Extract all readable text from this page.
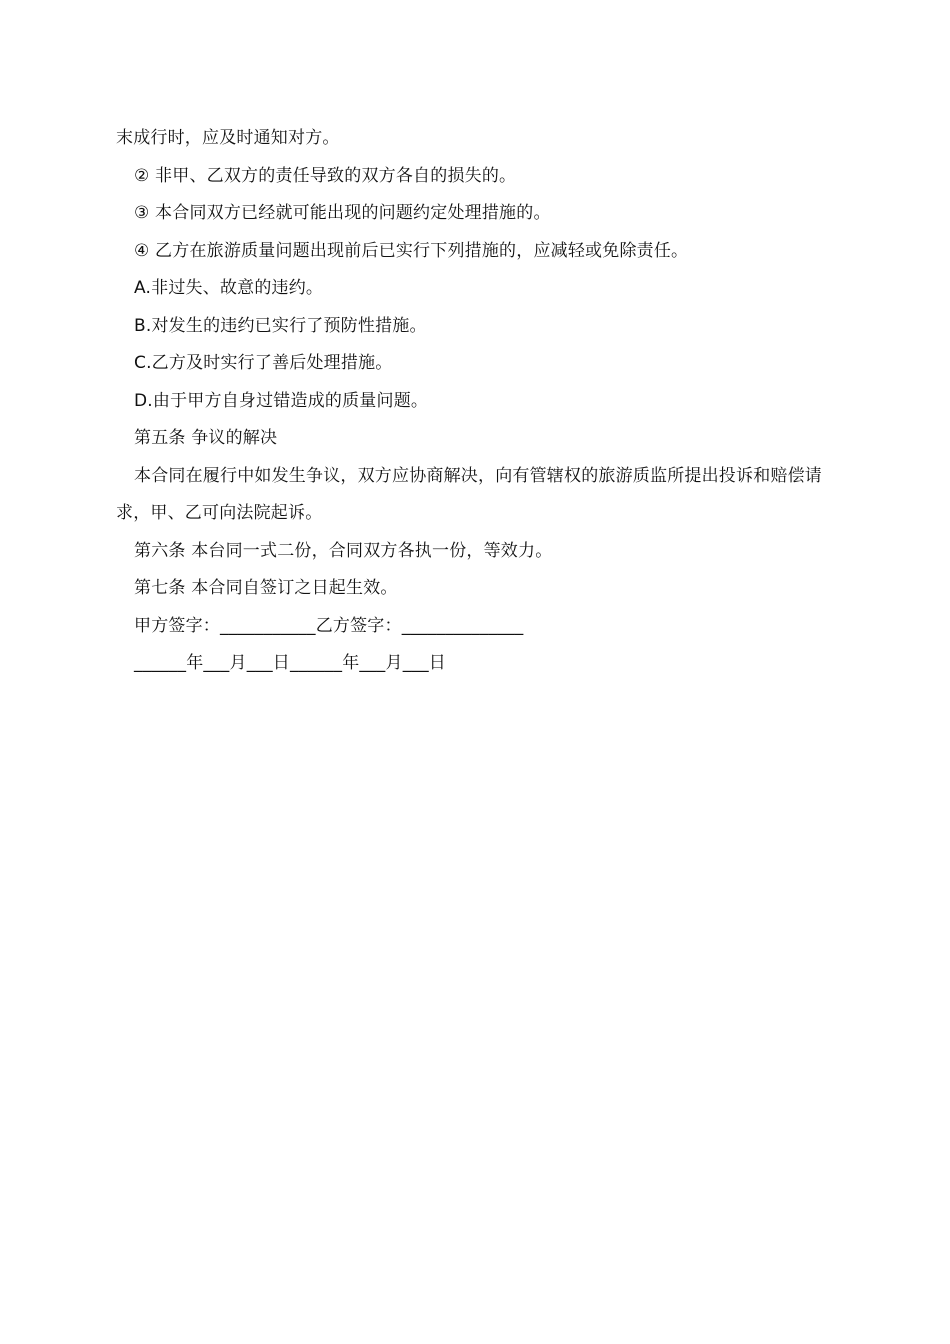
末成行时，应及时通知对方。

② 非甲、乙双方的责任导致的双方各自的损失的。

③ 本合同双方已经就可能出现的问题约定处理措施的。

④ 乙方在旅游质量问题出现前后已实行下列措施的，应减轻或免除责任。

A.非过失、故意的违约。

B.对发生的违约已实行了预防性措施。

C.乙方及时实行了善后处理措施。

D.由于甲方自身过错造成的质量问题。

第五条 争议的解决

本合同在履行中如发生争议，双方应协商解决，向有管辖权的旅游质监所提出投诉和赔偿请求，甲、乙可向法院起诉。

第六条 本台同一式二份，合同双方各执一份，等效力。

第七条 本合同自签订之日起生效。

甲方签字：___________乙方签字：______________

______年___月___日______年___月___日
